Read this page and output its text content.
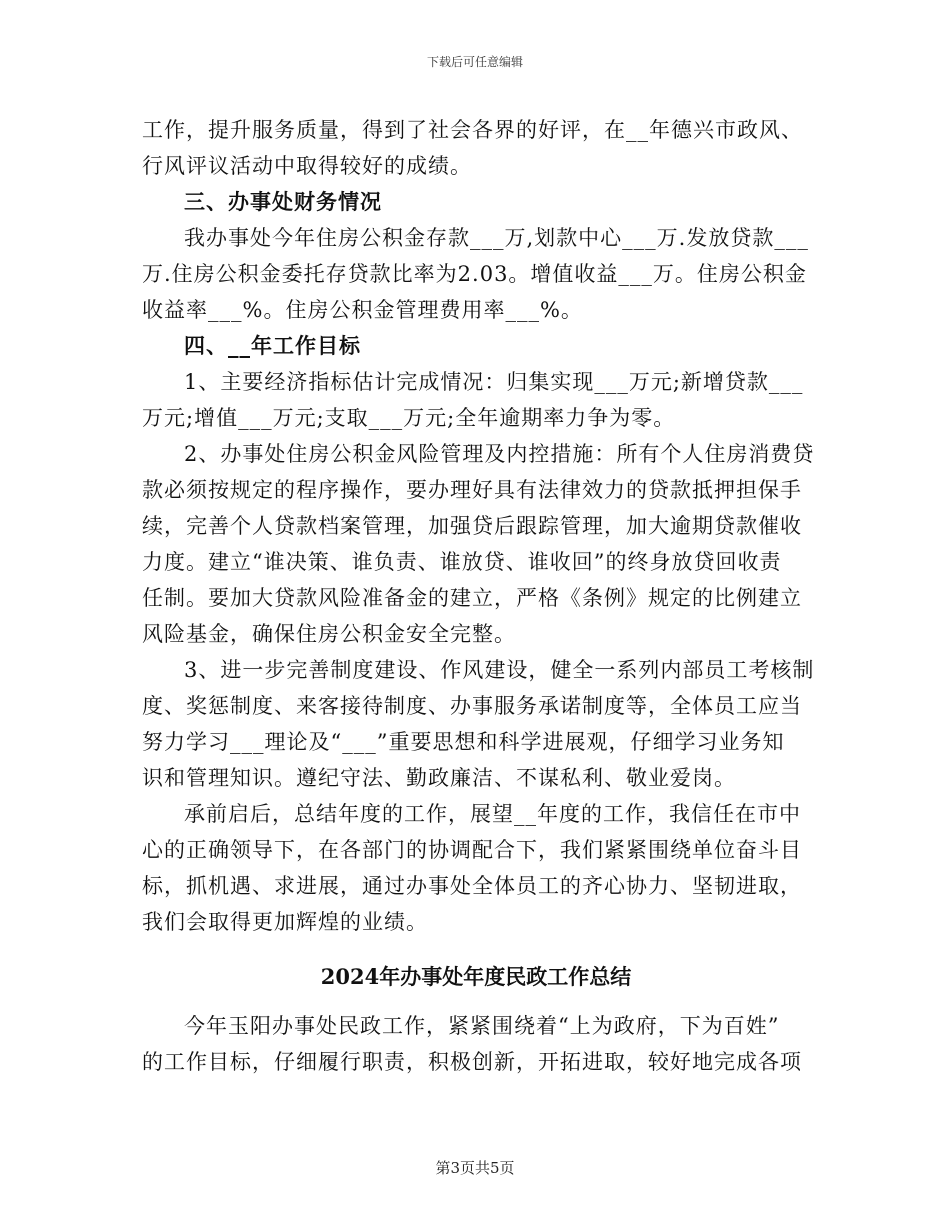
下载后可任意编辑
工作，提升服务质量，得到了社会各界的好评，在__年德兴市政风、
行风评议活动中取得较好的成绩。
三、办事处财务情况
我办事处今年住房公积金存款___万,划款中心___万.发放贷款___
万.住房公积金委托存贷款比率为2.03。增值收益___万。住房公积金
收益率___%。住房公积金管理费用率___%。
四、__年工作目标
1、主要经济指标估计完成情况：归集实现___万元;新增贷款___
万元;增值___万元;支取___万元;全年逾期率力争为零。
2、办事处住房公积金风险管理及内控措施：所有个人住房消费贷
款必须按规定的程序操作，要办理好具有法律效力的贷款抵押担保手
续，完善个人贷款档案管理，加强贷后跟踪管理，加大逾期贷款催收
力度。建立“谁决策、谁负责、谁放贷、谁收回”的终身放贷回收责
任制。要加大贷款风险准备金的建立，严格《条例》规定的比例建立
风险基金，确保住房公积金安全完整。
3、进一步完善制度建设、作风建设，健全一系列内部员工考核制
度、奖惩制度、来客接待制度、办事服务承诺制度等，全体员工应当
努力学习___理论及“___”重要思想和科学进展观，仔细学习业务知
识和管理知识。遵纪守法、勤政廉洁、不谋私利、敬业爱岗。
承前启后，总结年度的工作，展望__年度的工作，我信任在市中
心的正确领导下，在各部门的协调配合下，我们紧紧围绕单位奋斗目
标，抓机遇、求进展，通过办事处全体员工的齐心协力、坚韧进取，
我们会取得更加辉煌的业绩。
2024年办事处年度民政工作总结
今年玉阳办事处民政工作，紧紧围绕着“上为政府，下为百姓”
的工作目标，仔细履行职责，积极创新，开拓进取，较好地完成各项
第3页共5页
